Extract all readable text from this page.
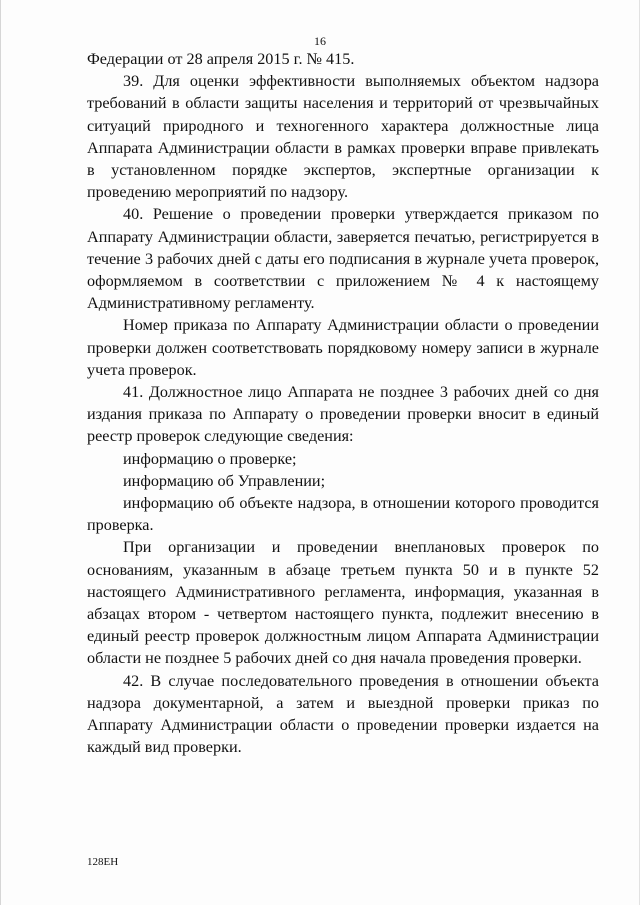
16

Федерации от 28 апреля 2015 г. № 415.

39. Для оценки эффективности выполняемых объектом надзора требований в области защиты населения и территорий от чрезвычайных ситуаций природного и техногенного характера должностные лица Аппарата Администрации области в рамках проверки вправе привлекать в установленном порядке экспертов, экспертные организации к проведению мероприятий по надзору.

40. Решение о проведении проверки утверждается приказом по Аппарату Администрации области, заверяется печатью, регистрируется в течение 3 рабочих дней с даты его подписания в журнале учета проверок, оформляемом в соответствии с приложением № 4 к настоящему Административному регламенту.

Номер приказа по Аппарату Администрации области о проведении проверки должен соответствовать порядковому номеру записи в журнале учета проверок.

41. Должностное лицо Аппарата не позднее 3 рабочих дней со дня издания приказа по Аппарату о проведении проверки вносит в единый реестр проверок следующие сведения:

информацию о проверке;

информацию об Управлении;

информацию об объекте надзора, в отношении которого проводится проверка.

При организации и проведении внеплановых проверок по основаниям, указанным в абзаце третьем пункта 50 и в пункте 52 настоящего Административного регламента, информация, указанная в абзацах втором - четвертом настоящего пункта, подлежит внесению в единый реестр проверок должностным лицом Аппарата Администрации области не позднее 5 рабочих дней со дня начала проведения проверки.

42. В случае последовательного проведения в отношении объекта надзора документарной, а затем и выездной проверки приказ по Аппарату Администрации области о проведении проверки издается на каждый вид проверки.

128ЕН
